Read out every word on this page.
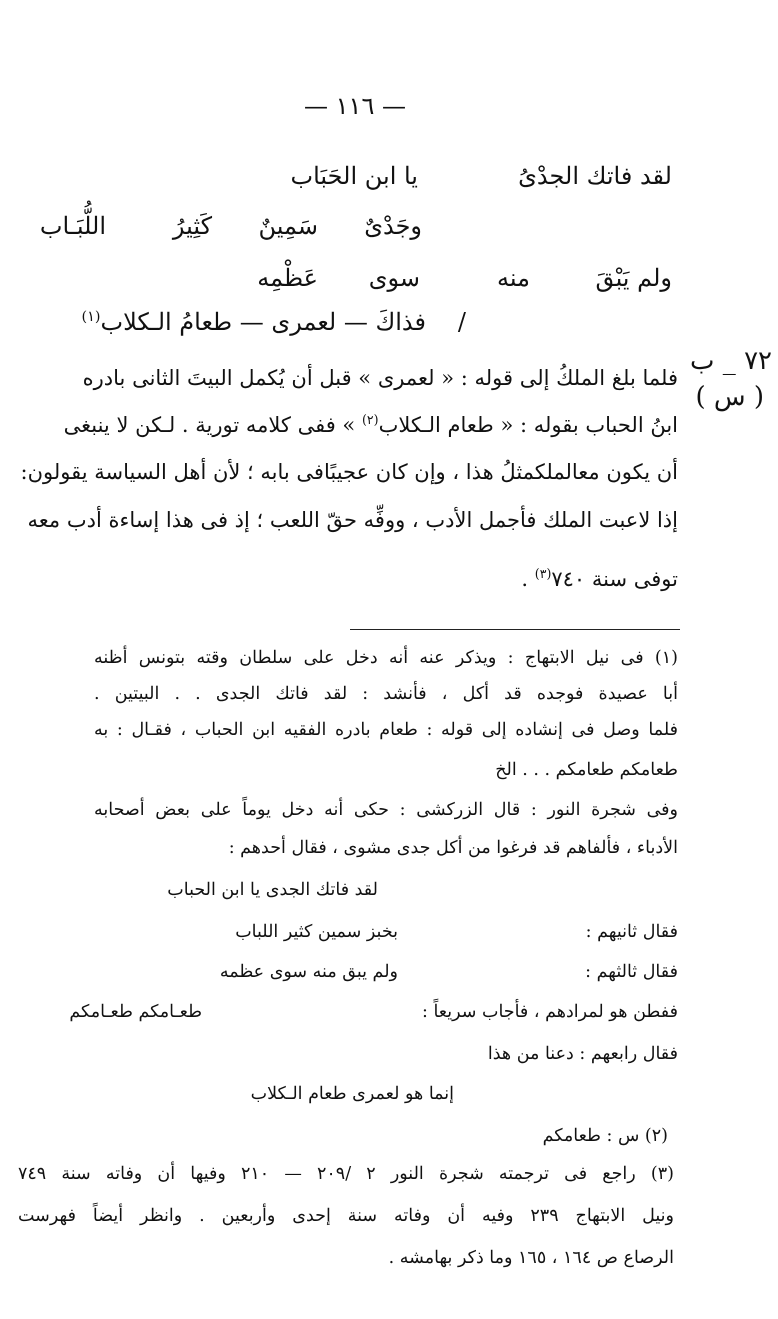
— ١١٦ —
٧٢ _ ب
( س )
لقد فاتك الجدْىُ
يا ابن الحَبَاب
وجَدْىٌ
سَمِينٌ
كَثِيرُ
اللُّبَـاب
ولم يَبْقَ
منه
سوى
عَظْمِه
فذاكَ — لعمرى — طعامُ الـكلاب$^{(١)}$	/
فلما بلغ الملكُ إلى قوله : « لعمرى » قبل أن يُكمل البيتَ الثانى بادره
ابنُ الحباب بقوله : « طعام الـكلاب$^{(٢)}$ » ففى كلامه تورية . لـكن لا ينبغى
أن يكون معالملكمثلُ هذا ، وإن كان عجيبًافى بابه ؛ لأن أهل السياسة يقولون:
إذا لاعبت الملك فأجمل الأدب ، ووفِّه حقّ اللعب ؛ إذ فى هذا إساءة أدب معه
توفى سنة ٧٤٠$^{(٣)}$ .
(١) فى نيل الابتهاج : ويذكر عنه أنه دخل على سلطان وقته بتونس أظنه
أبا عصيدة فوجده قد أكل ، فأنشد : لقد فاتك الجدى . . البيتين .
فلما وصل فى إنشاده إلى قوله : طعام بادره الفقيه ابن الحباب ، فقـال : به
طعامكم طعامكم . . . الخ
وفى شجرة النور : قال الزركشى : حكى أنه دخل يوماً على بعض أصحابه
الأدباء ، فألفاهم قد فرغوا من أكل جدى مشوى ، فقال أحدهم :
لقد فاتك الجدى يا ابن الحباب
فقال ثانيهم :
بخبز سمين كثير اللباب
فقال ثالثهم :
ولم يبق منه سوى عظمه
ففطن هو لمرادهم ، فأجاب سريعاً :
طعـامكم طعـامكم
فقال رابعهم : دعنا من هذا
إنما هو لعمرى طعام الـكلاب
(٢) س : طعامكم
(٣) راجع فى ترجمته شجرة النور ٢ /٢٠٩ — ٢١٠ وفيها أن وفاته سنة ٧٤٩
ونيل الابتهاج ٢٣٩ وفيه أن وفاته سنة إحدى وأربعين . وانظر أيضاً فهرست
الرصاع ص ١٦٤ ، ١٦٥ وما ذكر بهامشه .
